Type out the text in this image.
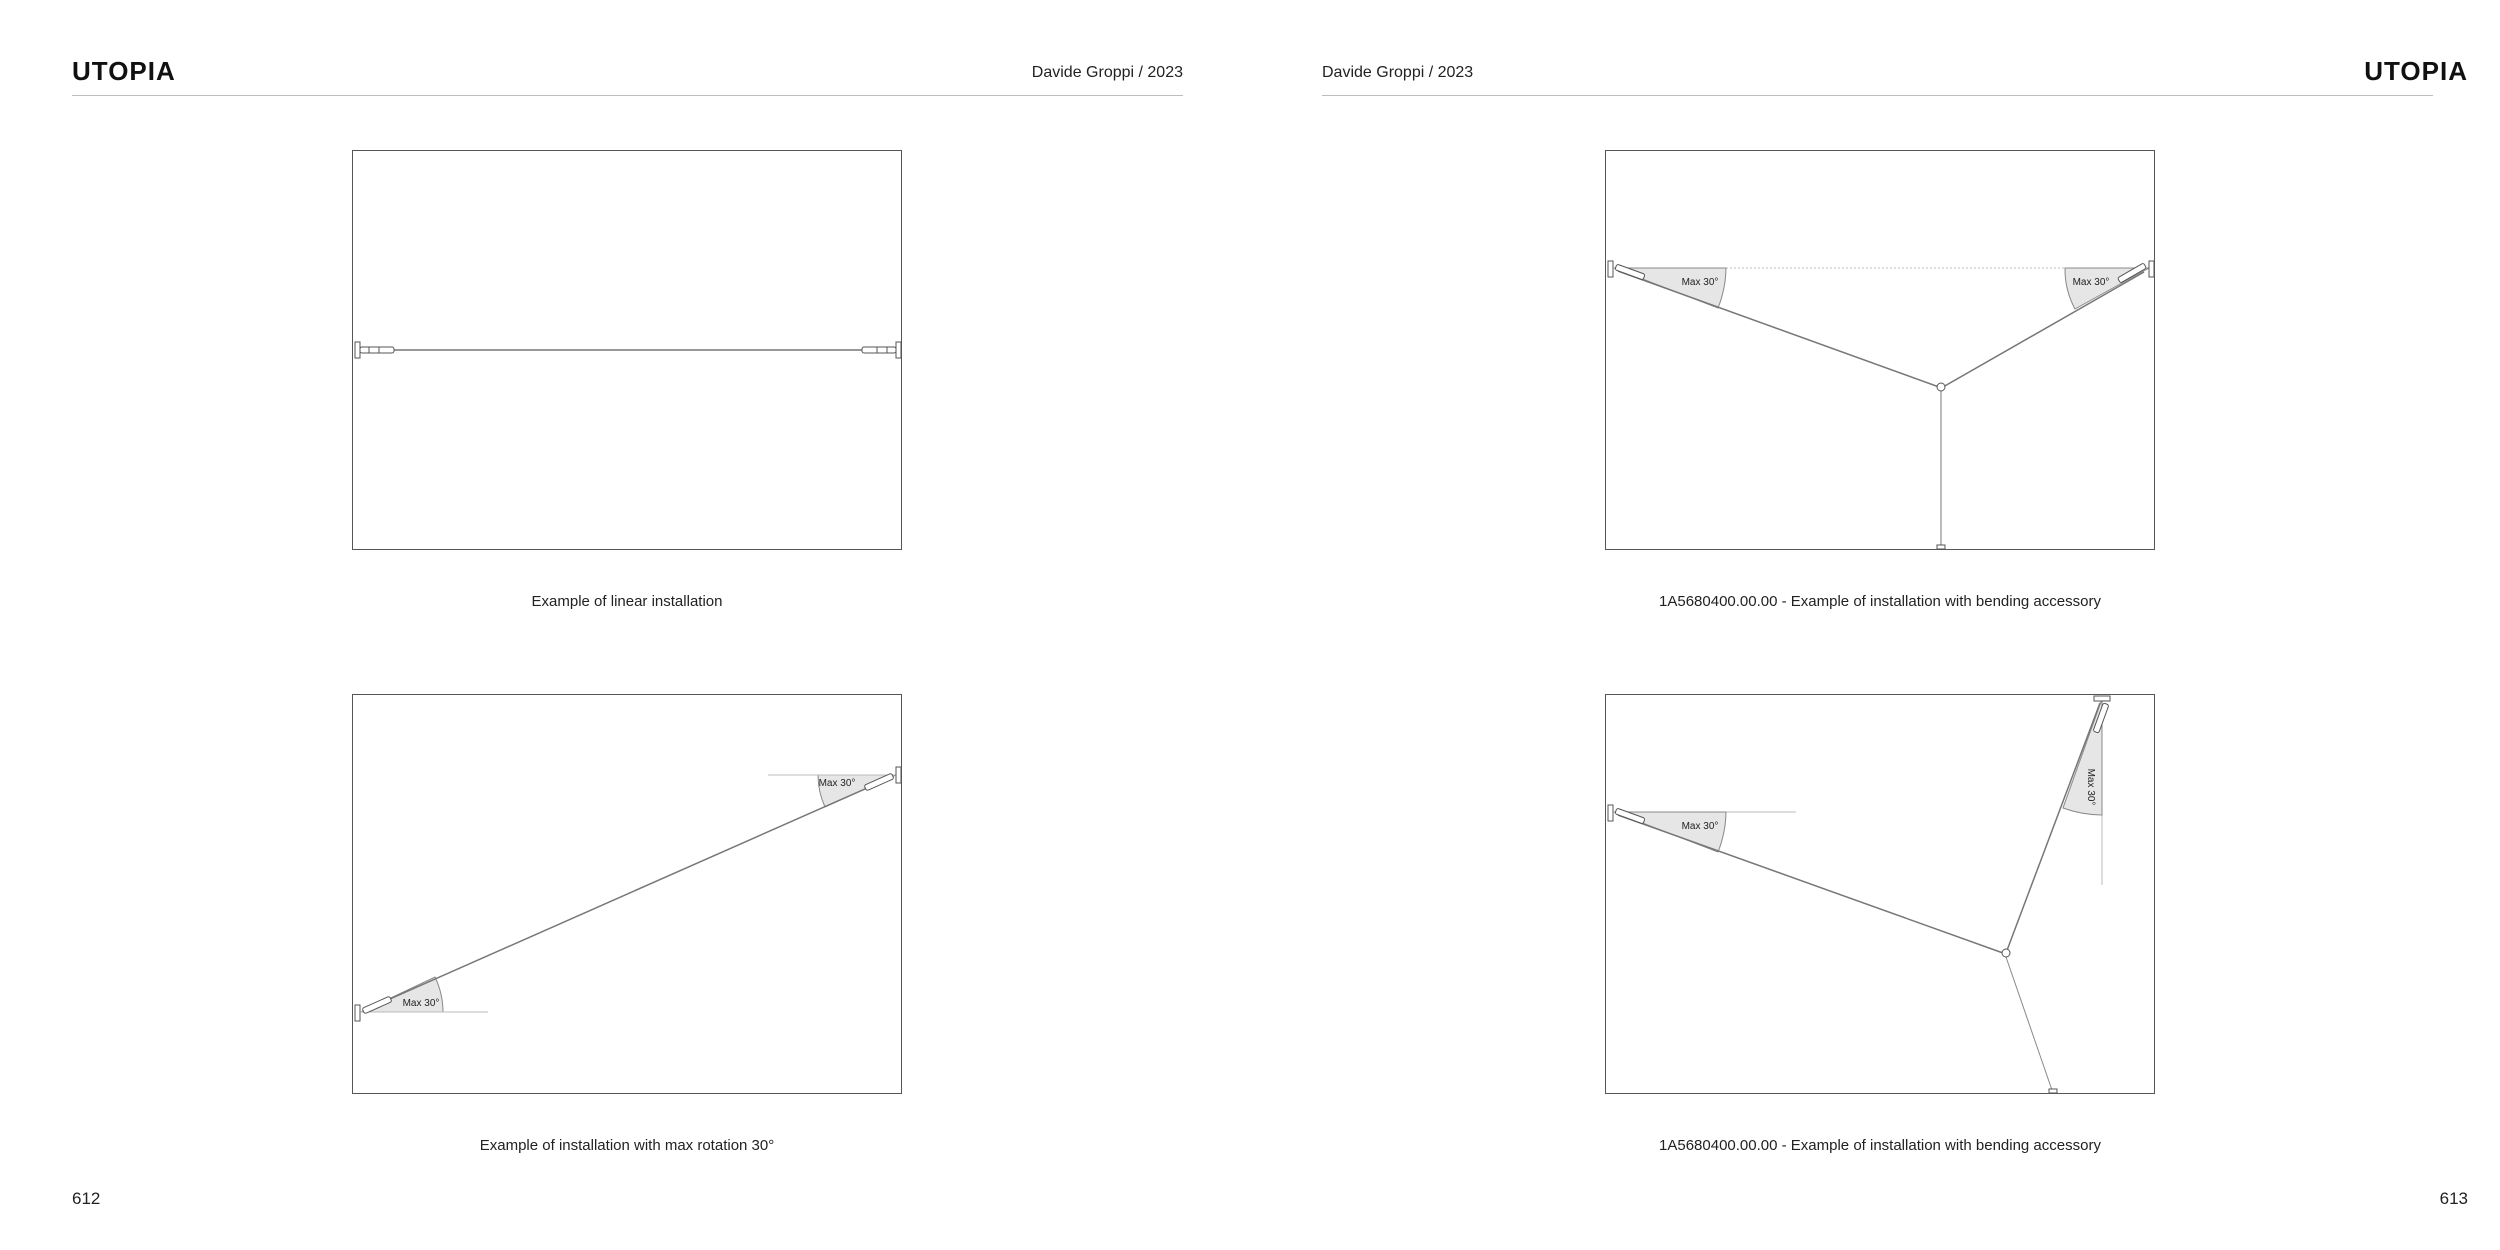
UTOPIA	Davide Groppi / 2023
Example of linear installation
Max 30°
Max 30°
Example of installation with max rotation 30°
612
Davide Groppi / 2023	UTOPIA
Max 30°	Max 30°
1A5680400.00.00 - Example of installation with bending accessory
Max 30°
Max 30°
1A5680400.00.00 - Example of installation with bending accessory
613
